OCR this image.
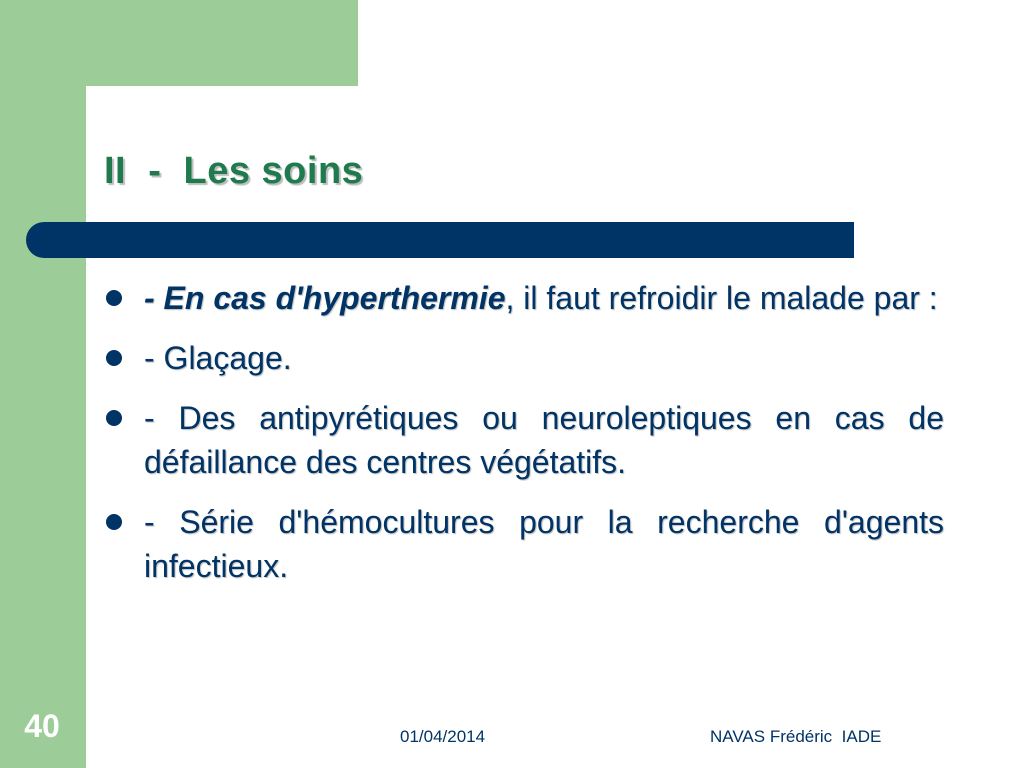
II  -  Les soins
- En cas d'hyperthermie, il faut refroidir le malade par :
- Glaçage.
- Des antipyrétiques ou neuroleptiques en cas de défaillance des centres végétatifs.
- Série d'hémocultures pour la recherche d'agents infectieux.
40	01/04/2014	NAVAS Frédéric  IADE
